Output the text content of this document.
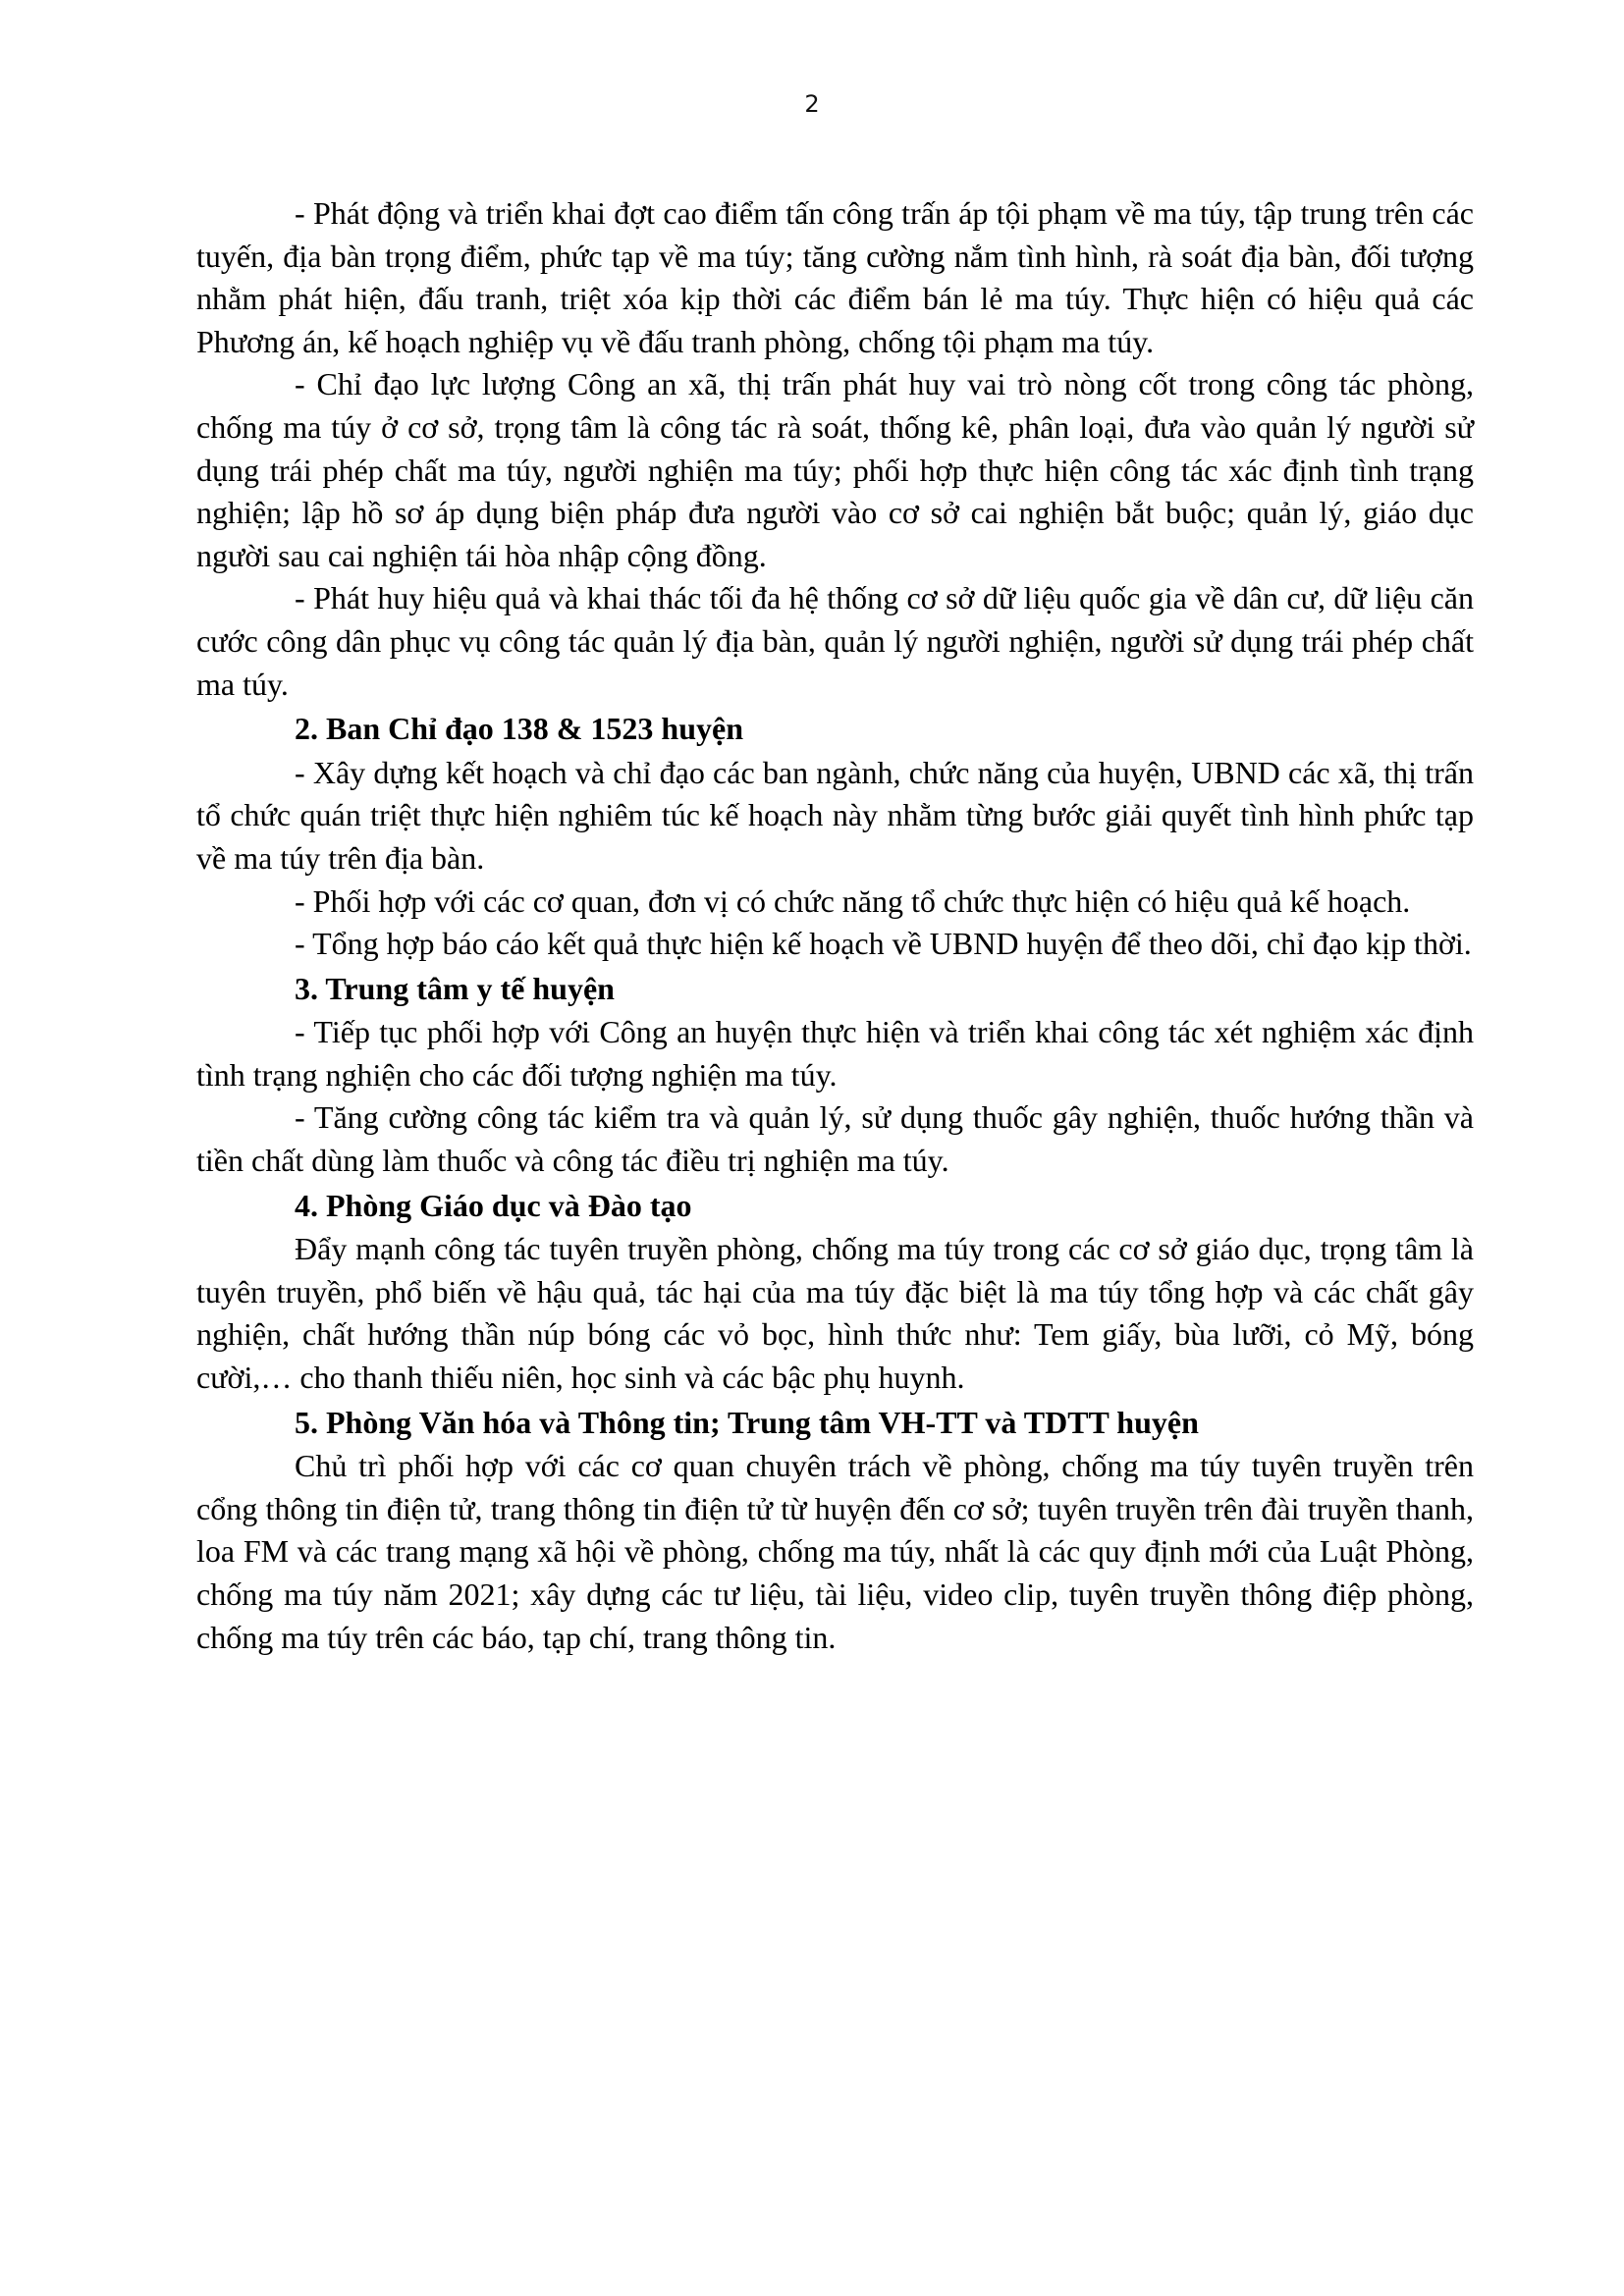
2

- Phát động và triển khai đợt cao điểm tấn công trấn áp tội phạm về ma túy, tập trung trên các tuyến, địa bàn trọng điểm, phức tạp về ma túy; tăng cường nắm tình hình, rà soát địa bàn, đối tượng nhằm phát hiện, đấu tranh, triệt xóa kịp thời các điểm bán lẻ ma túy. Thực hiện có hiệu quả các Phương án, kế hoạch nghiệp vụ về đấu tranh phòng, chống tội phạm ma túy.

- Chỉ đạo lực lượng Công an xã, thị trấn phát huy vai trò nòng cốt trong công tác phòng, chống ma túy ở cơ sở, trọng tâm là công tác rà soát, thống kê, phân loại, đưa vào quản lý người sử dụng trái phép chất ma túy, người nghiện ma túy; phối hợp thực hiện công tác xác định tình trạng nghiện; lập hồ sơ áp dụng biện pháp đưa người vào cơ sở cai nghiện bắt buộc; quản lý, giáo dục người sau cai nghiện tái hòa nhập cộng đồng.

- Phát huy hiệu quả và khai thác tối đa hệ thống cơ sở dữ liệu quốc gia về dân cư, dữ liệu căn cước công dân phục vụ công tác quản lý địa bàn, quản lý người nghiện, người sử dụng trái phép chất ma túy.

2. Ban Chỉ đạo 138 & 1523 huyện

- Xây dựng kết hoạch và chỉ đạo các ban ngành, chức năng của huyện, UBND các xã, thị trấn tổ chức quán triệt thực hiện nghiêm túc kế hoạch này nhằm từng bước giải quyết tình hình phức tạp về ma túy trên địa bàn.

- Phối hợp với các cơ quan, đơn vị có chức năng tổ chức thực hiện có hiệu quả kế hoạch.

- Tổng hợp báo cáo kết quả thực hiện kế hoạch về UBND huyện để theo dõi, chỉ đạo kịp thời.

3. Trung tâm y tế huyện

- Tiếp tục phối hợp với Công an huyện thực hiện và triển khai công tác xét nghiệm xác định tình trạng nghiện cho các đối tượng nghiện ma túy.

- Tăng cường công tác kiểm tra và quản lý, sử dụng thuốc gây nghiện, thuốc hướng thần và tiền chất dùng làm thuốc và công tác điều trị nghiện ma túy.

4. Phòng Giáo dục và Đào tạo

Đẩy mạnh công tác tuyên truyền phòng, chống ma túy trong các cơ sở giáo dục, trọng tâm là tuyên truyền, phổ biến về hậu quả, tác hại của ma túy đặc biệt là ma túy tổng hợp và các chất gây nghiện, chất hướng thần núp bóng các vỏ bọc, hình thức như: Tem giấy, bùa lưỡi, cỏ Mỹ, bóng cười,… cho thanh thiếu niên, học sinh và các bậc phụ huynh.

5. Phòng Văn hóa và Thông tin; Trung tâm VH-TT và TDTT huyện

Chủ trì phối hợp với các cơ quan chuyên trách về phòng, chống ma túy tuyên truyền trên cổng thông tin điện tử, trang thông tin điện tử từ huyện đến cơ sở; tuyên truyền trên đài truyền thanh, loa FM và các trang mạng xã hội về phòng, chống ma túy, nhất là các quy định mới của Luật Phòng, chống ma túy năm 2021; xây dựng các tư liệu, tài liệu, video clip, tuyên truyền thông điệp phòng, chống ma túy trên các báo, tạp chí, trang thông tin.
